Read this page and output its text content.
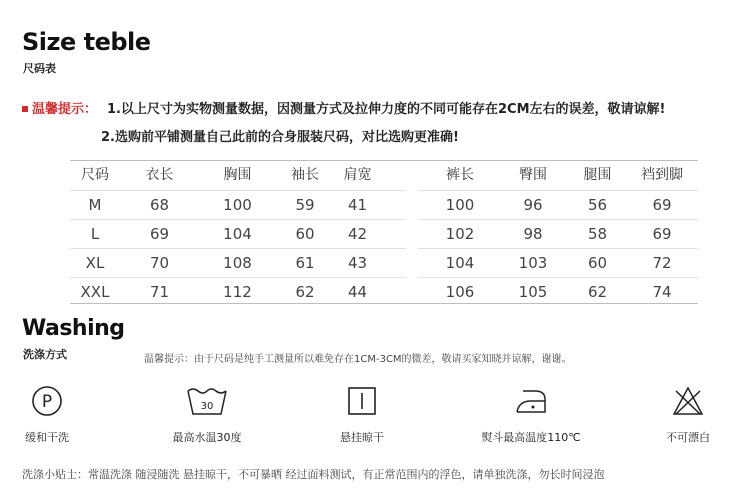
Size teble
尺码表
温馨提示： 1.以上尺寸为实物测量数据，因测量方式及拉伸力度的不同可能存在2CM左右的误差，敬请谅解!
2.选购前平铺测量自己此前的合身服装尺码，对比选购更准确!
尺码	衣长	胸围	袖长	肩宽	裤长	臀围	腿围	裆到脚
M	68	100	59	41	100	96	56	69
L	69	104	60	42	102	98	58	69
XL	70	108	61	43	104	103	60	72
XXL	71	112	62	44	106	105	62	74
Washing
洗涤方式	温馨提示：由于尺码是纯手工测量所以难免存在1CM-3CM的微差，敬请买家知晓并谅解，谢谢。
P
缓和干洗
30
最高水温30度	悬挂晾干	熨斗最高温度110℃	不可漂白
洗涤小贴士：常温洗涤 随浸随洗 悬挂晾干，不可暴晒 经过面料测试，有正常范围内的浮色，请单独洗涤，勿长时间浸泡
